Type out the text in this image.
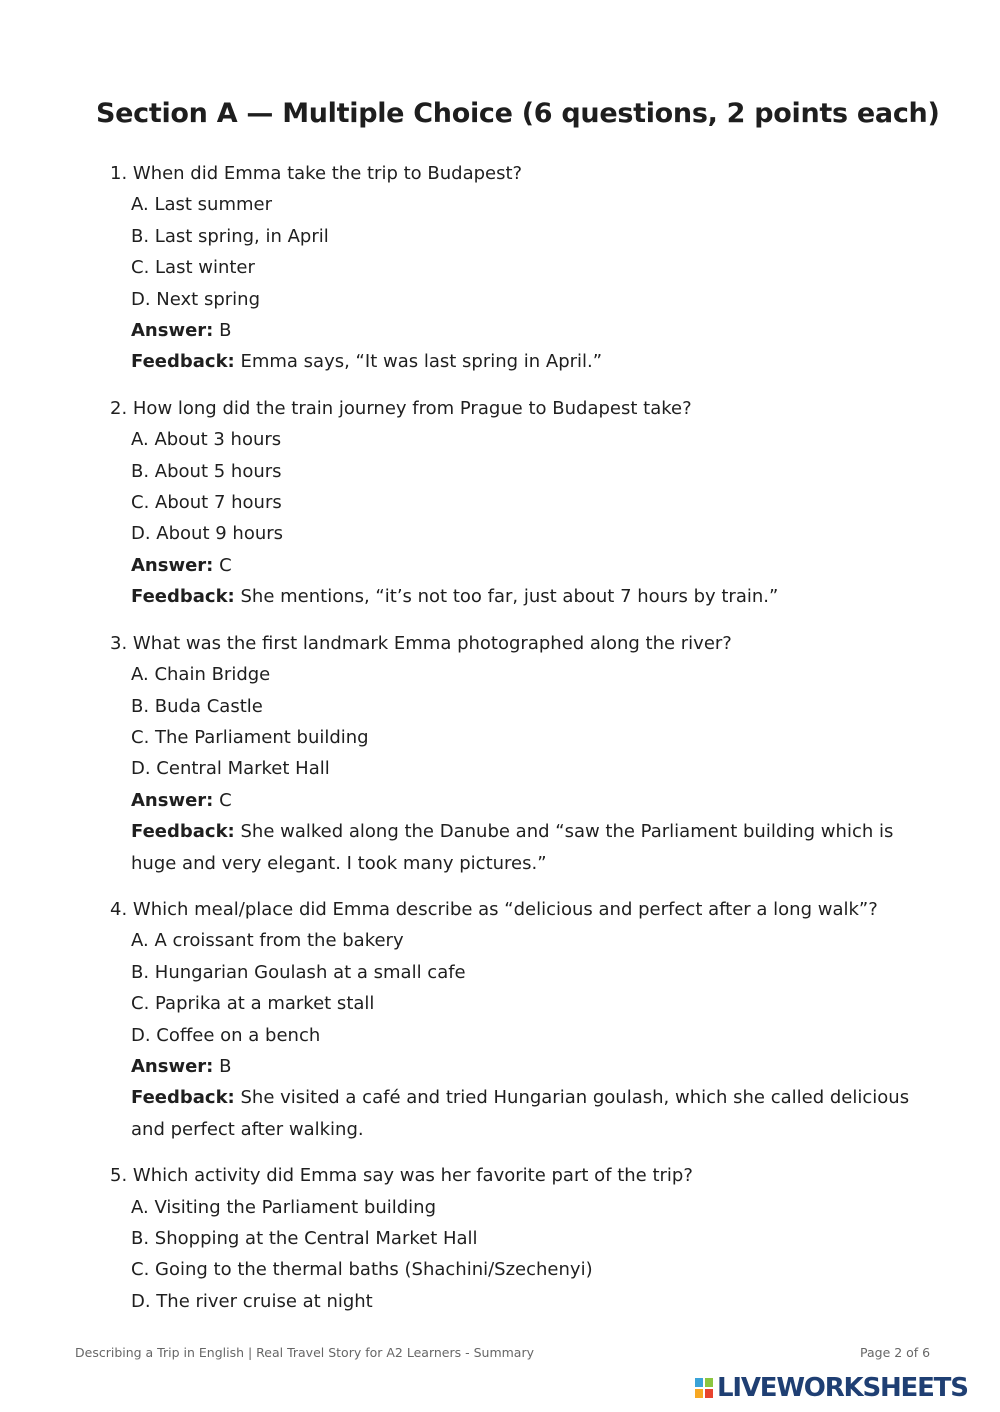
Section A — Multiple Choice (6 questions, 2 points each)
1. When did Emma take the trip to Budapest?
A. Last summer
B. Last spring, in April
C. Last winter
D. Next spring
Answer: B
Feedback: Emma says, “It was last spring in April.”
2. How long did the train journey from Prague to Budapest take?
A. About 3 hours
B. About 5 hours
C. About 7 hours
D. About 9 hours
Answer: C
Feedback: She mentions, “it’s not too far, just about 7 hours by train.”
3. What was the first landmark Emma photographed along the river?
A. Chain Bridge
B. Buda Castle
C. The Parliament building
D. Central Market Hall
Answer: C
Feedback: She walked along the Danube and “saw the Parliament building which is huge and very elegant. I took many pictures.”
4. Which meal/place did Emma describe as “delicious and perfect after a long walk”?
A. A croissant from the bakery
B. Hungarian Goulash at a small cafe
C. Paprika at a market stall
D. Coffee on a bench
Answer: B
Feedback: She visited a café and tried Hungarian goulash, which she called delicious and perfect after walking.
5. Which activity did Emma say was her favorite part of the trip?
A. Visiting the Parliament building
B. Shopping at the Central Market Hall
C. Going to the thermal baths (Shachini/Szechenyi)
D. The river cruise at night
Describing a Trip in English | Real Travel Story for A2 Learners - Summary	Page 2 of 6
LIVEWORKSHEETS
